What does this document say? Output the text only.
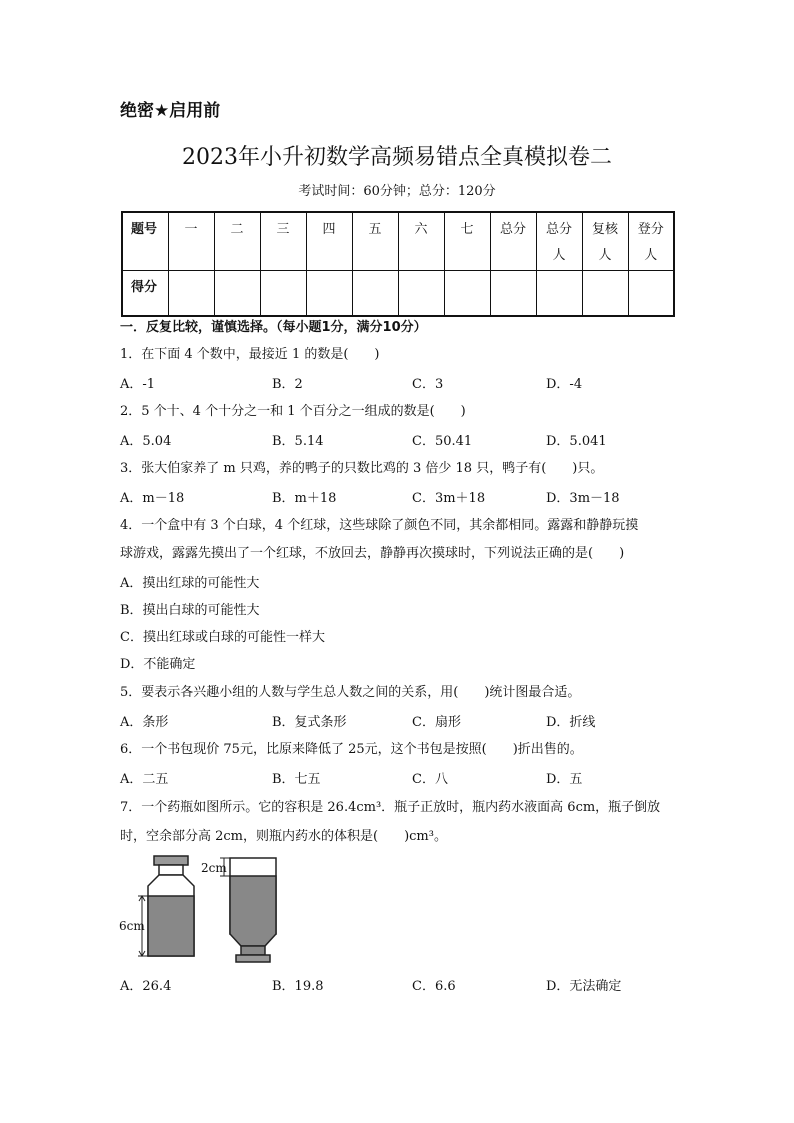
绝密★启用前
2023年小升初数学高频易错点全真模拟卷二
考试时间：60分钟；总分：120分
题号	一	二	三	四	五	六	七	总分	总分人	复核人	登分人
得分											
一．反复比较，谨慎选择。（每小题1分，满分10分）
1．在下面 4 个数中，最接近 1 的数是(　　)
A．-1	B．2	C．3	D．-4
2．5 个十、4 个十分之一和 1 个百分之一组成的数是(　　)
A．5.04	B．5.14	C．50.41	D．5.041
3．张大伯家养了 m 只鸡，养的鸭子的只数比鸡的 3 倍少 18 只，鸭子有(　　)只。
A．m－18	B．m＋18	C．3m＋18	D．3m－18
4．一个盒中有 3 个白球，4 个红球，这些球除了颜色不同，其余都相同。露露和静静玩摸
球游戏，露露先摸出了一个红球，不放回去，静静再次摸球时，下列说法正确的是(　　)
A．摸出红球的可能性大
B．摸出白球的可能性大
C．摸出红球或白球的可能性一样大
D．不能确定
5．要表示各兴趣小组的人数与学生总人数之间的关系，用(　　)统计图最合适。
A．条形	B．复式条形	C．扇形	D．折线
6．一个书包现价 75元，比原来降低了 25元，这个书包是按照(　　)折出售的。
A．二五	B．七五	C．八	D．五
7．一个药瓶如图所示。它的容积是 26.4cm³．瓶子正放时，瓶内药水液面高 6cm，瓶子倒放
时，空余部分高 2cm，则瓶内药水的体积是(　　)cm³。
6cm
2cm
A．26.4	B．19.8	C．6.6	D．无法确定
